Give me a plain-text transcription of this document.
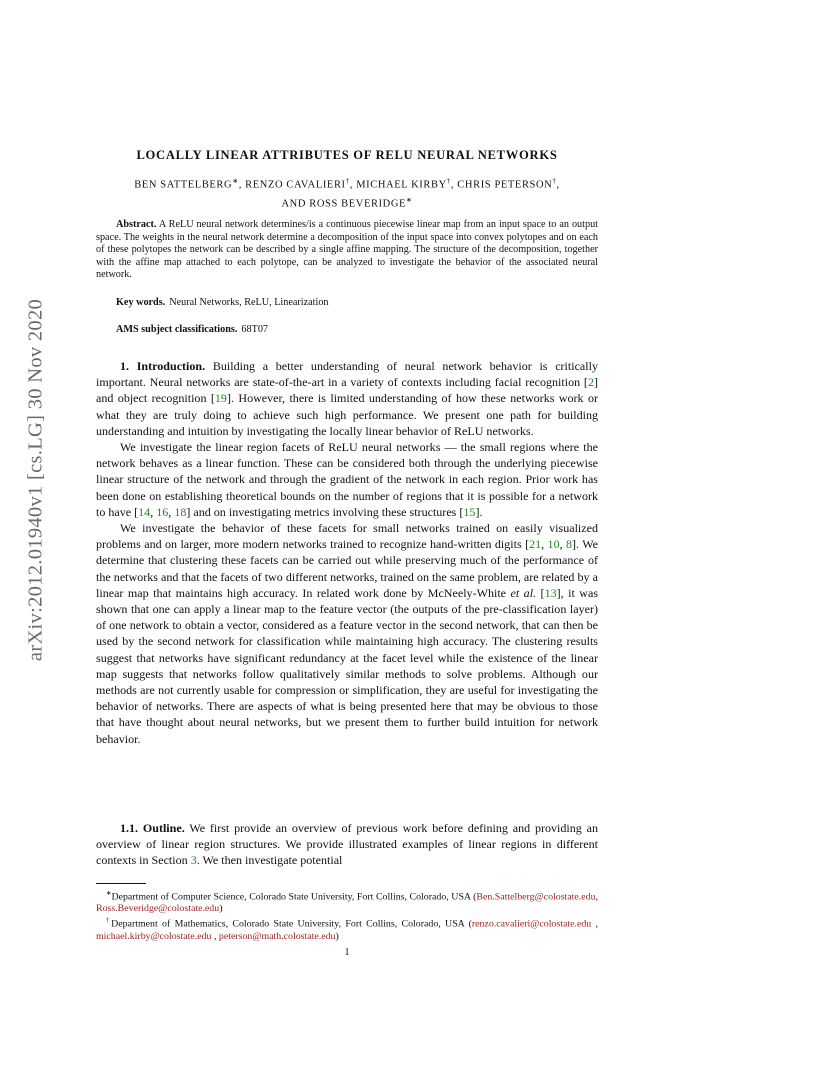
arXiv:2012.01940v1 [cs.LG] 30 Nov 2020
LOCALLY LINEAR ATTRIBUTES OF RELU NEURAL NETWORKS
BEN SATTELBERG∗, RENZO CAVALIERI†, MICHAEL KIRBY†, CHRIS PETERSON†,
AND ROSS BEVERIDGE∗
Abstract. A ReLU neural network determines/is a continuous piecewise linear map from an input space to an output space. The weights in the neural network determine a decomposition of the input space into convex polytopes and on each of these polytopes the network can be described by a single affine mapping. The structure of the decomposition, together with the affine map attached to each polytope, can be analyzed to investigate the behavior of the associated neural network.
Key words. Neural Networks, ReLU, Linearization
AMS subject classifications. 68T07

1. Introduction. Building a better understanding of neural network behavior is critically important. Neural networks are state-of-the-art in a variety of contexts including facial recognition [2] and object recognition [19]. However, there is limited understanding of how these networks work or what they are truly doing to achieve such high performance. We present one path for building understanding and intuition by investigating the locally linear behavior of ReLU networks.

We investigate the linear region facets of ReLU neural networks — the small regions where the network behaves as a linear function. These can be considered both through the underlying piecewise linear structure of the network and through the gradient of the network in each region. Prior work has been done on establishing theoretical bounds on the number of regions that it is possible for a network to have [14, 16, 18] and on investigating metrics involving these structures [15].

We investigate the behavior of these facets for small networks trained on easily visualized problems and on larger, more modern networks trained to recognize hand-written digits [21, 10, 8]. We determine that clustering these facets can be carried out while preserving much of the performance of the networks and that the facets of two different networks, trained on the same problem, are related by a linear map that maintains high accuracy. In related work done by McNeely-White et al. [13], it was shown that one can apply a linear map to the feature vector (the outputs of the pre-classification layer) of one network to obtain a vector, considered as a feature vector in the second network, that can then be used by the second network for classification while maintaining high accuracy. The clustering results suggest that networks have significant redundancy at the facet level while the existence of the linear map suggests that networks follow qualitatively similar methods to solve problems. Although our methods are not currently usable for compression or simplification, they are useful for investigating the behavior of networks. There are aspects of what is being presented here that may be obvious to those that have thought about neural networks, but we present them to further build intuition for network behavior.

1.1. Outline. We first provide an overview of previous work before defining and providing an overview of linear region structures. We provide illustrated examples of linear regions in different contexts in Section 3. We then investigate potential

∗Department of Computer Science, Colorado State University, Fort Collins, Colorado, USA (Ben.Sattelberg@colostate.edu, Ross.Beveridge@colostate.edu)

†Department of Mathematics, Colorado State University, Fort Collins, Colorado, USA (renzo.cavalieri@colostate.edu , michael.kirby@colostate.edu , peterson@math.colostate.edu)

1
